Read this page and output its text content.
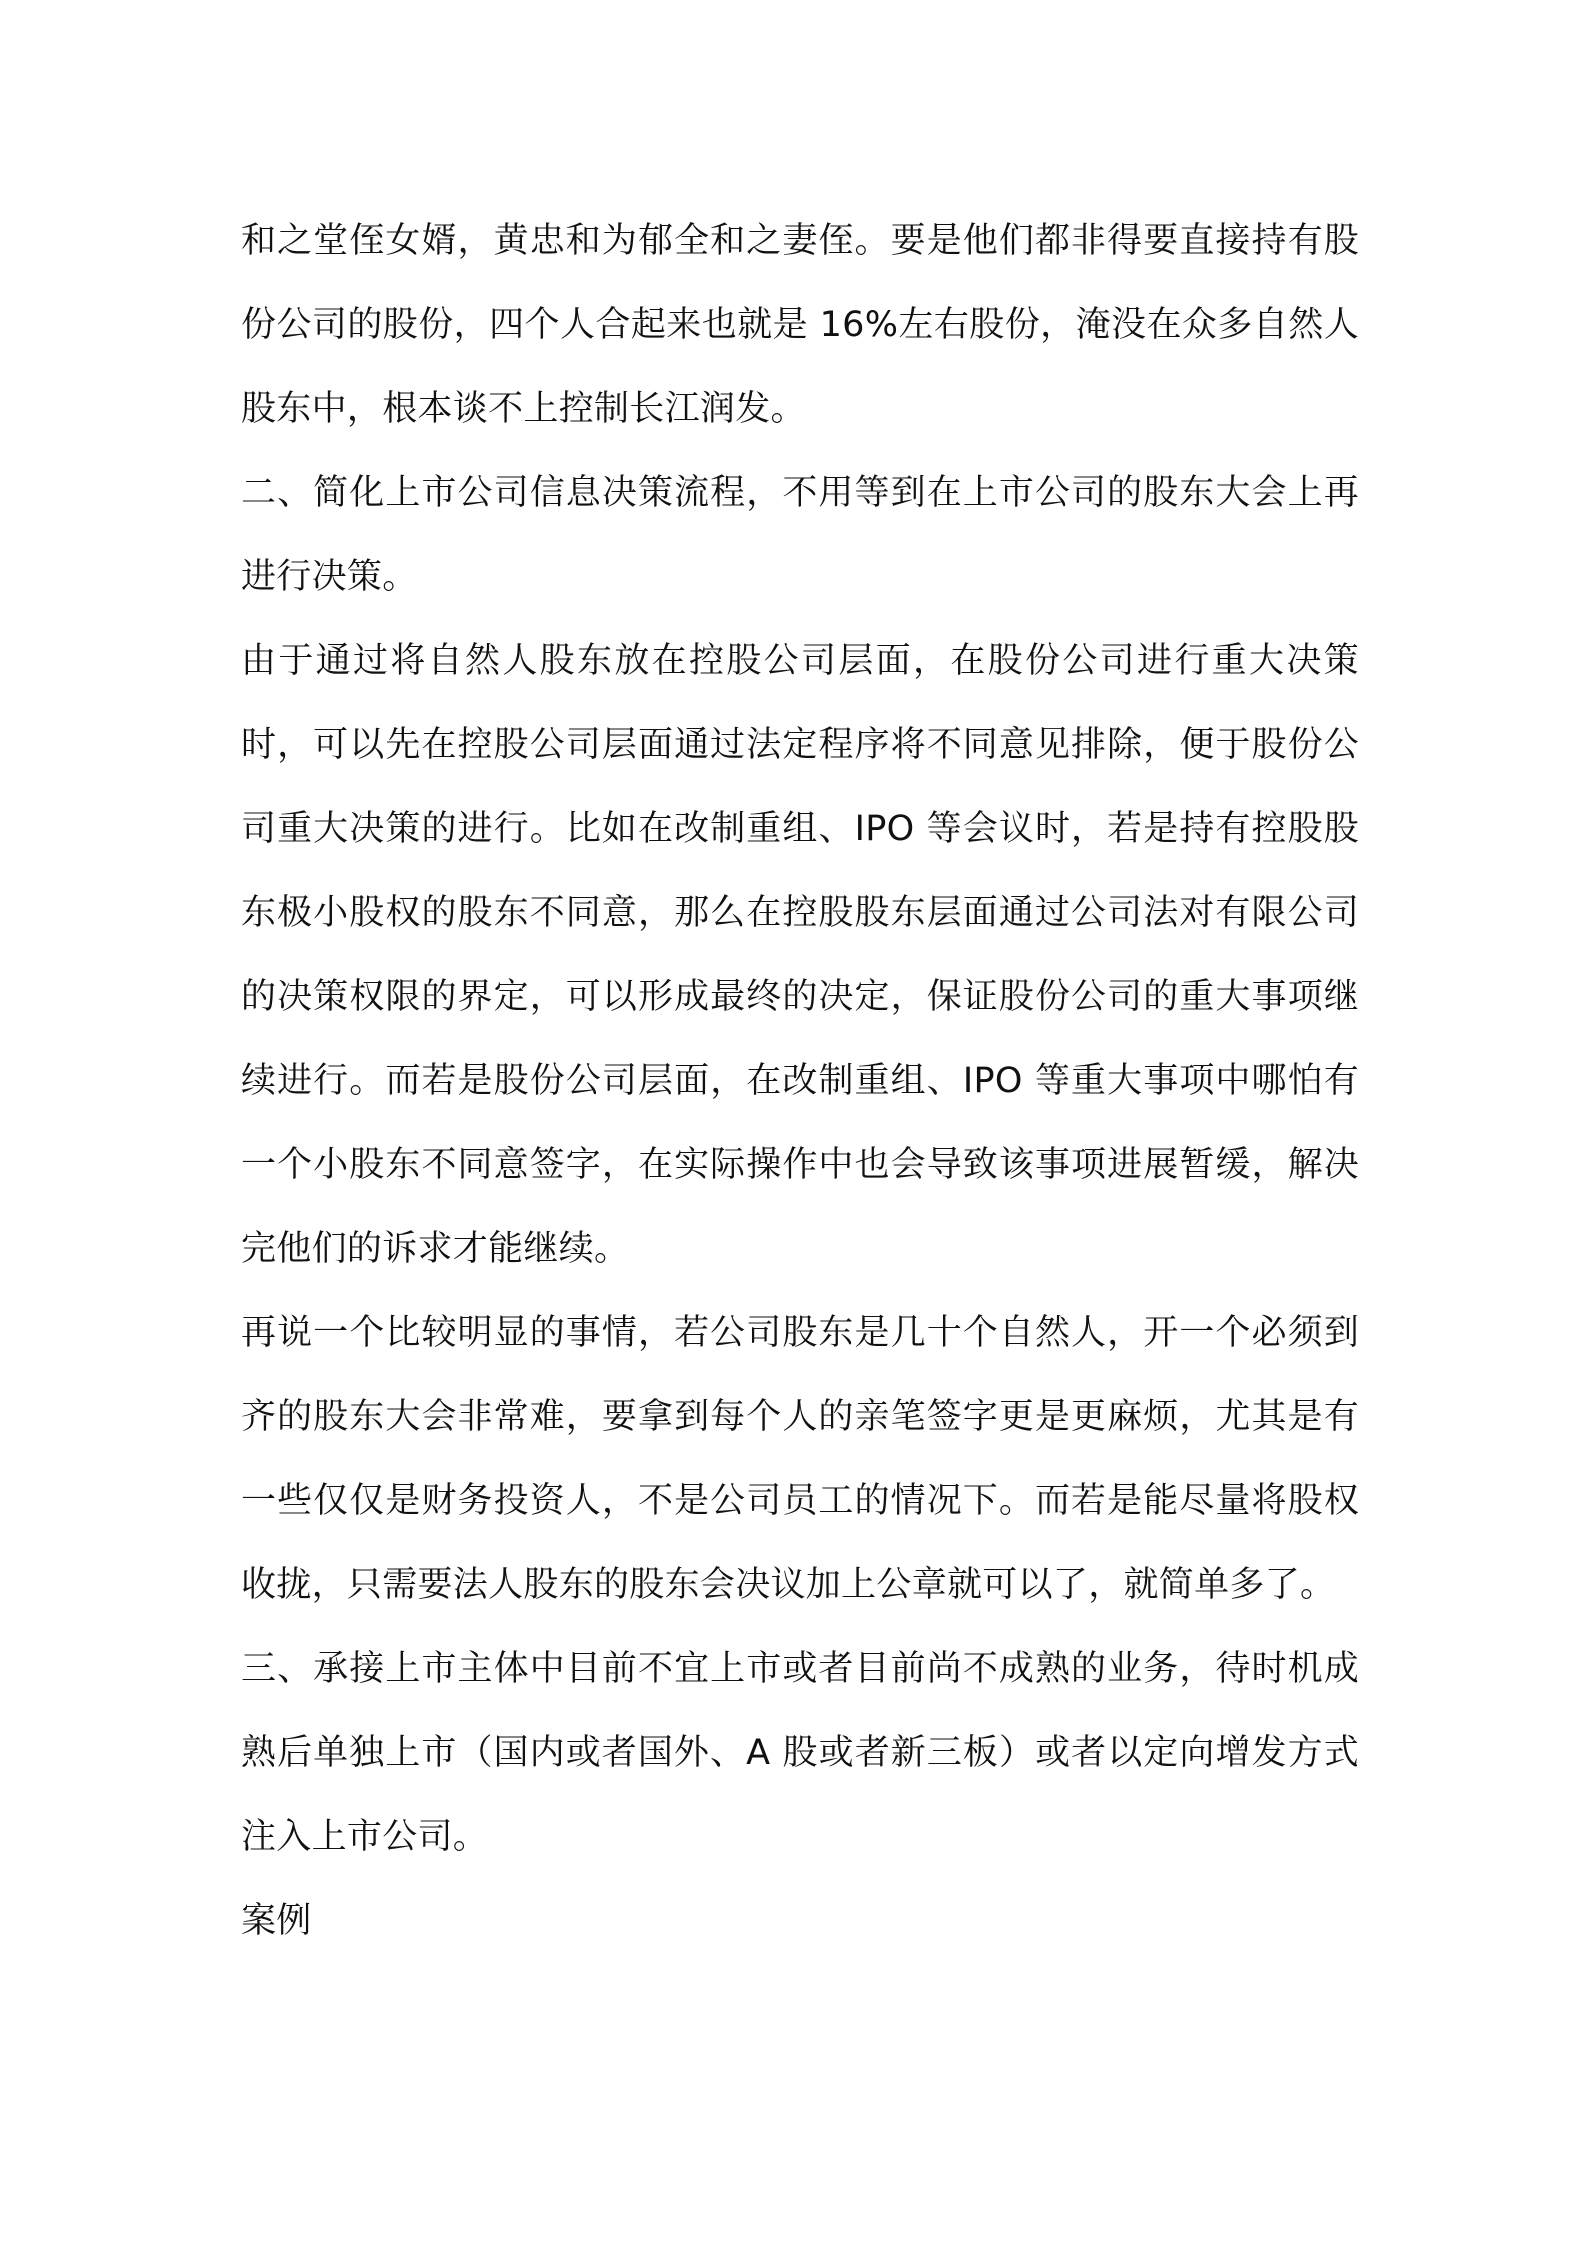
和之堂侄女婿，黄忠和为郁全和之妻侄。要是他们都非得要直接持有股份公司的股份，四个人合起来也就是 16%左右股份，淹没在众多自然人股东中，根本谈不上控制长江润发。

二、简化上市公司信息决策流程，不用等到在上市公司的股东大会上再进行决策。

由于通过将自然人股东放在控股公司层面，在股份公司进行重大决策时，可以先在控股公司层面通过法定程序将不同意见排除，便于股份公司重大决策的进行。比如在改制重组、IPO 等会议时，若是持有控股股东极小股权的股东不同意，那么在控股股东层面通过公司法对有限公司的决策权限的界定，可以形成最终的决定，保证股份公司的重大事项继续进行。而若是股份公司层面，在改制重组、IPO 等重大事项中哪怕有一个小股东不同意签字，在实际操作中也会导致该事项进展暂缓，解决完他们的诉求才能继续。

再说一个比较明显的事情，若公司股东是几十个自然人，开一个必须到齐的股东大会非常难，要拿到每个人的亲笔签字更是更麻烦，尤其是有一些仅仅是财务投资人，不是公司员工的情况下。而若是能尽量将股权收拢，只需要法人股东的股东会决议加上公章就可以了，就简单多了。

三、承接上市主体中目前不宜上市或者目前尚不成熟的业务，待时机成熟后单独上市（国内或者国外、A 股或者新三板）或者以定向增发方式注入上市公司。

案例
